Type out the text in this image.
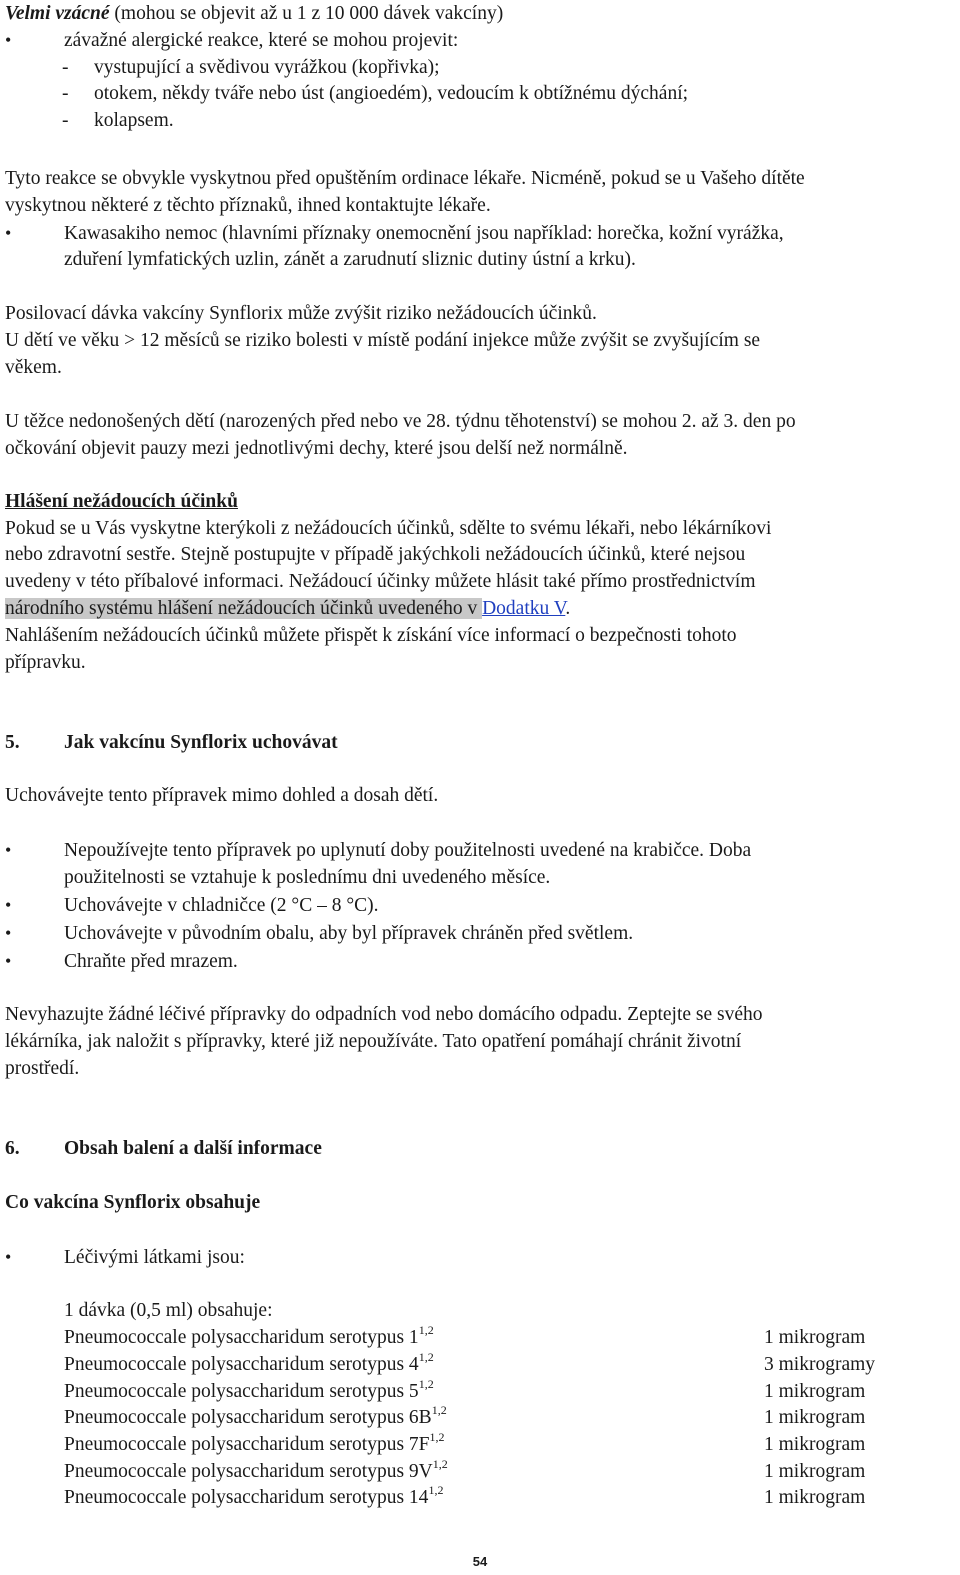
Velmi vzácné (mohou se objevit až u 1 z 10 000 dávek vakcíny)
•	závažné alergické reakce, které se mohou projevit:
- vystupující a svědivou vyrážkou (kopřivka);
- otokem, někdy tváře nebo úst (angioedém), vedoucím k obtížnému dýchání;
- kolapsem.
Tyto reakce se obvykle vyskytnou před opuštěním ordinace lékaře. Nicméně, pokud se u Vašeho dítěte
vyskytnou některé z těchto příznaků, ihned kontaktujte lékaře.
•	Kawasakiho nemoc (hlavními příznaky onemocnění jsou například: horečka, kožní vyrážka,
zduření lymfatických uzlin, zánět a zarudnutí sliznic dutiny ústní a krku).
Posilovací dávka vakcíny Synflorix může zvýšit riziko nežádoucích účinků.
U dětí ve věku > 12 měsíců se riziko bolesti v místě podání injekce může zvýšit se zvyšujícím se
věkem.
U těžce nedonošených dětí (narozených před nebo ve 28. týdnu těhotenství) se mohou 2. až 3. den po
očkování objevit pauzy mezi jednotlivými dechy, které jsou delší než normálně.
Hlášení nežádoucích účinků
Pokud se u Vás vyskytne kterýkoli z nežádoucích účinků, sdělte to svému lékaři, nebo lékárníkovi
nebo zdravotní sestře. Stejně postupujte v případě jakýchkoli nežádoucích účinků, které nejsou
uvedeny v této příbalové informaci. Nežádoucí účinky můžete hlásit také přímo prostřednictvím
národního systému hlášení nežádoucích účinků uvedeného v Dodatku V.
Nahlášením nežádoucích účinků můžete přispět k získání více informací o bezpečnosti tohoto
přípravku.
5. Jak vakcínu Synflorix uchovávat
Uchovávejte tento přípravek mimo dohled a dosah dětí.
•	Nepoužívejte tento přípravek po uplynutí doby použitelnosti uvedené na krabičce. Doba
použitelnosti se vztahuje k poslednímu dni uvedeného měsíce.
•	Uchovávejte v chladničce (2 °C – 8 °C).
•	Uchovávejte v původním obalu, aby byl přípravek chráněn před světlem.
•	Chraňte před mrazem.
Nevyhazujte žádné léčivé přípravky do odpadních vod nebo domácího odpadu. Zeptejte se svého
lékárníka, jak naložit s přípravky, které již nepoužíváte. Tato opatření pomáhají chránit životní
prostředí.
6. Obsah balení a další informace
Co vakcína Synflorix obsahuje
•	Léčivými látkami jsou:
1 dávka (0,5 ml) obsahuje:
Pneumococcale polysaccharidum serotypus 1$^{1,2}$	1 mikrogram
Pneumococcale polysaccharidum serotypus 4$^{1,2}$	3 mikrogramy
Pneumococcale polysaccharidum serotypus 5$^{1,2}$	1 mikrogram
Pneumococcale polysaccharidum serotypus $6B^{1,2}$	1 mikrogram
Pneumococcale polysaccharidum serotypus $7F^{1,2}$	1 mikrogram
Pneumococcale polysaccharidum serotypus $9V^{1,2}$	1 mikrogram
Pneumococcale polysaccharidum serotypus 14$^{1,2}$	1 mikrogram
54
